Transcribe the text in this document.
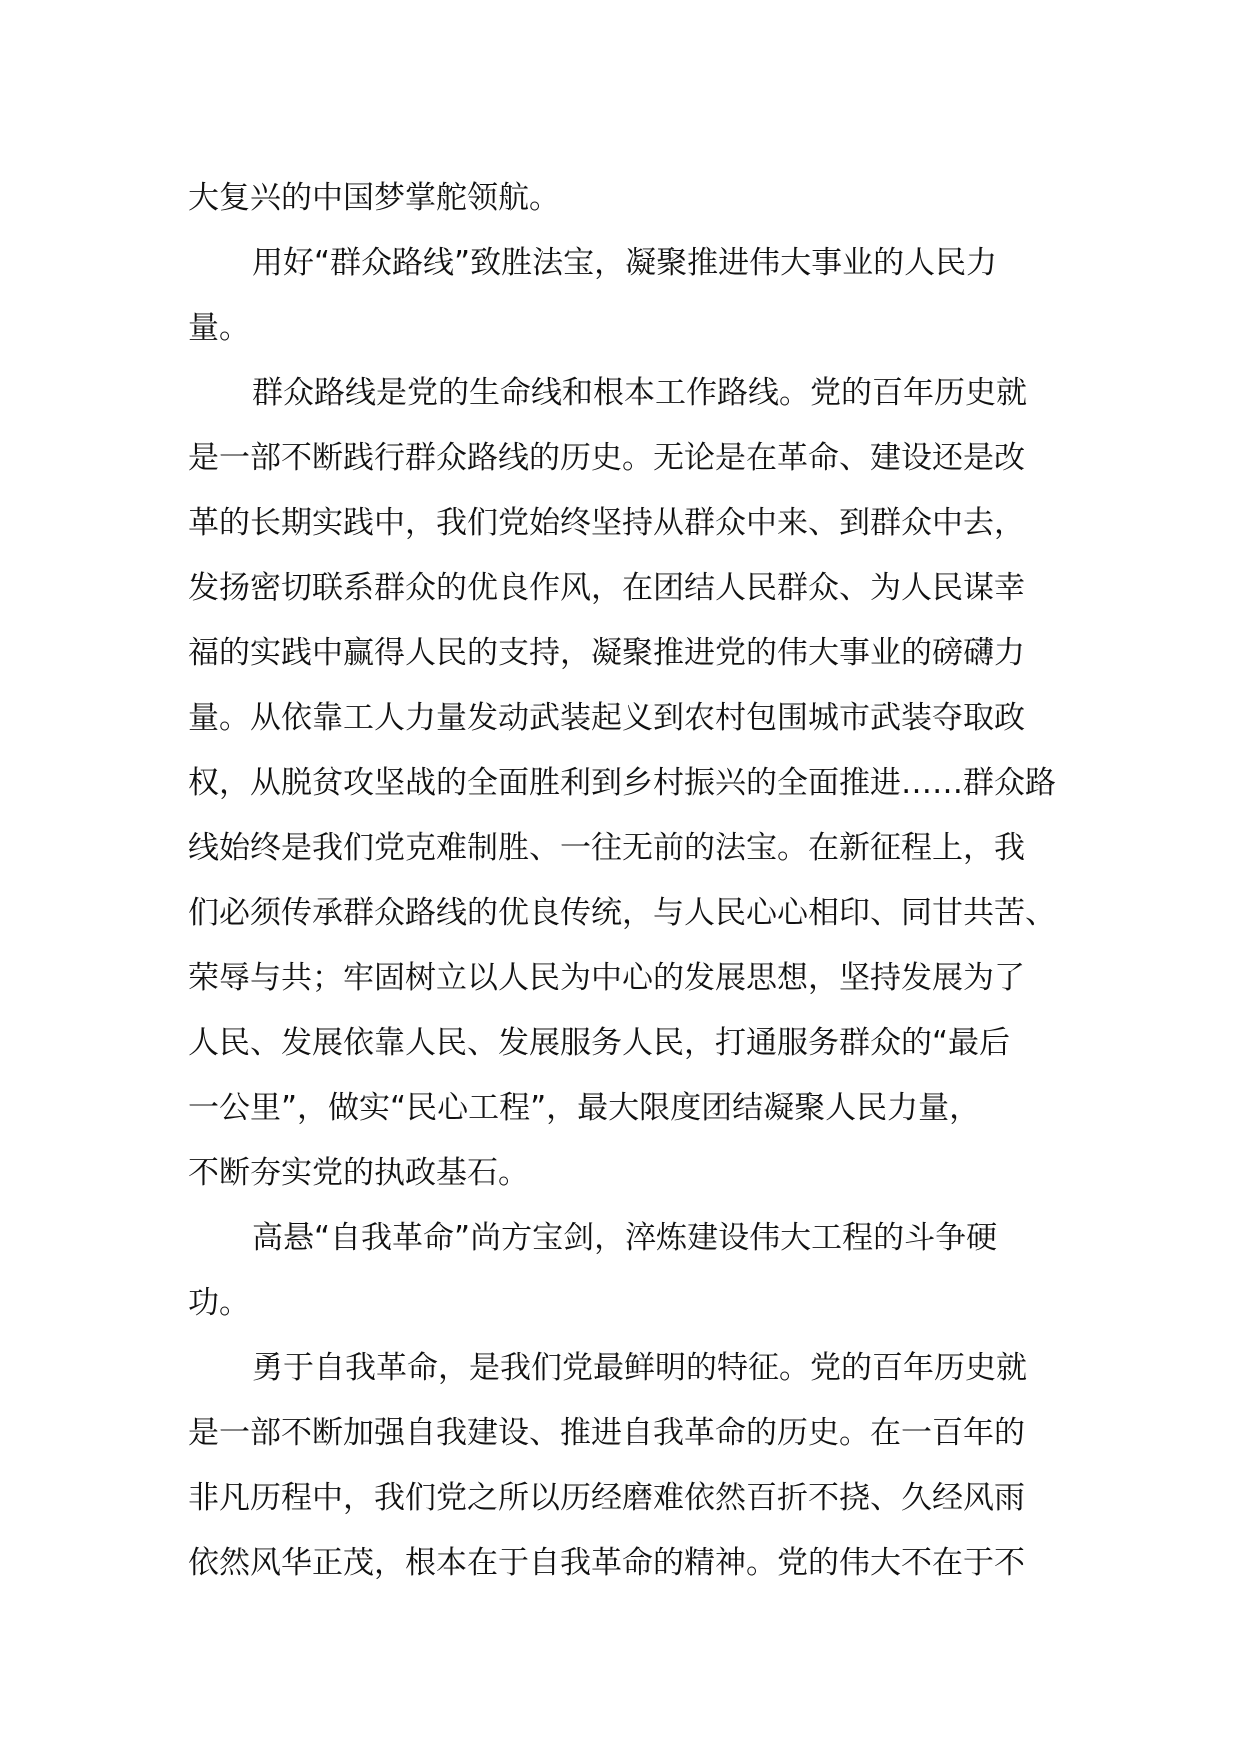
大复兴的中国梦掌舵领航。
用好“群众路线”致胜法宝，凝聚推进伟大事业的人民力
量。
群众路线是党的生命线和根本工作路线。党的百年历史就
是一部不断践行群众路线的历史。无论是在革命、建设还是改
革的长期实践中，我们党始终坚持从群众中来、到群众中去，
发扬密切联系群众的优良作风，在团结人民群众、为人民谋幸
福的实践中赢得人民的支持，凝聚推进党的伟大事业的磅礴力
量。从依靠工人力量发动武装起义到农村包围城市武装夺取政
权，从脱贫攻坚战的全面胜利到乡村振兴的全面推进……群众路
线始终是我们党克难制胜、一往无前的法宝。在新征程上，我
们必须传承群众路线的优良传统，与人民心心相印、同甘共苦、
荣辱与共；牢固树立以人民为中心的发展思想，坚持发展为了
人民、发展依靠人民、发展服务人民，打通服务群众的“最后
一公里”，做实“民心工程”，最大限度团结凝聚人民力量，
不断夯实党的执政基石。
高悬“自我革命”尚方宝剑，淬炼建设伟大工程的斗争硬
功。
勇于自我革命，是我们党最鲜明的特征。党的百年历史就
是一部不断加强自我建设、推进自我革命的历史。在一百年的
非凡历程中，我们党之所以历经磨难依然百折不挠、久经风雨
依然风华正茂，根本在于自我革命的精神。党的伟大不在于不
